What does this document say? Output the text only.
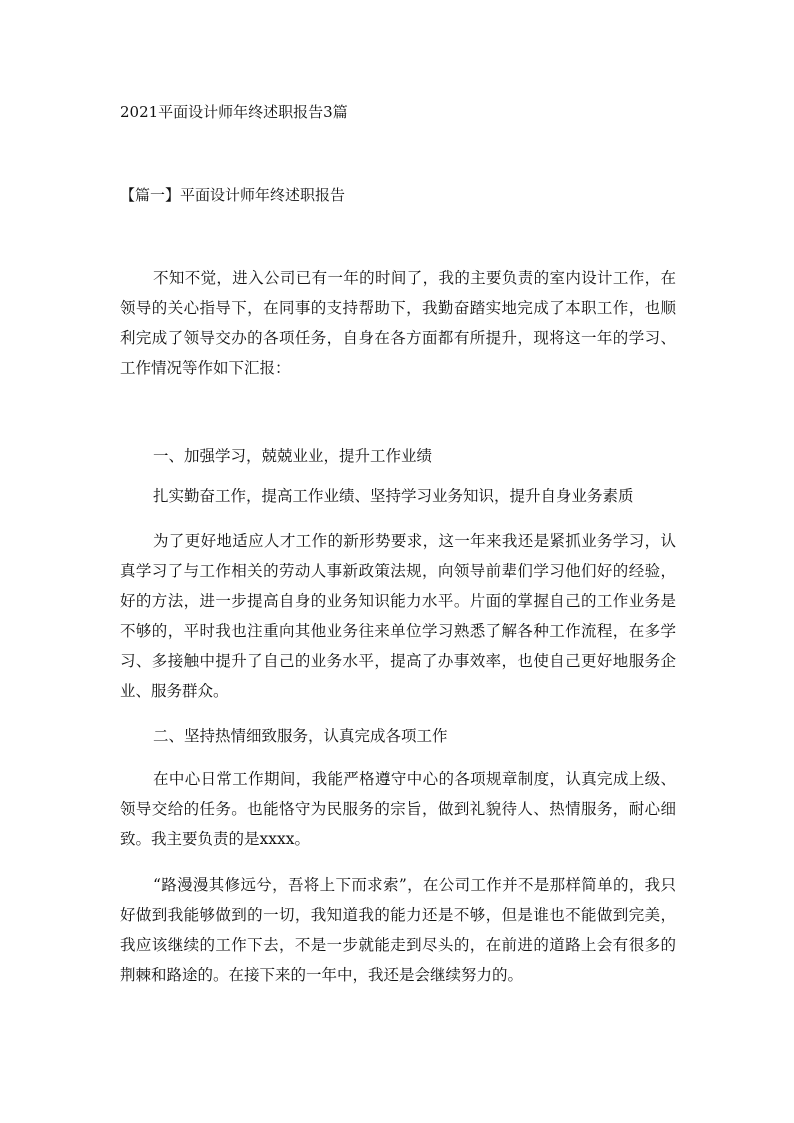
2021平面设计师年终述职报告3篇
【篇一】平面设计师年终述职报告

不知不觉，进入公司已有一年的时间了，我的主要负责的室内设计工作，在领导的关心指导下，在同事的支持帮助下，我勤奋踏实地完成了本职工作，也顺利完成了领导交办的各项任务，自身在各方面都有所提升，现将这一年的学习、工作情况等作如下汇报：

一、加强学习，兢兢业业，提升工作业绩

扎实勤奋工作，提高工作业绩、坚持学习业务知识，提升自身业务素质

为了更好地适应人才工作的新形势要求，这一年来我还是紧抓业务学习，认真学习了与工作相关的劳动人事新政策法规，向领导前辈们学习他们好的经验，好的方法，进一步提高自身的业务知识能力水平。片面的掌握自己的工作业务是不够的，平时我也注重向其他业务往来单位学习熟悉了解各种工作流程，在多学习、多接触中提升了自己的业务水平，提高了办事效率，也使自己更好地服务企业、服务群众。

二、坚持热情细致服务，认真完成各项工作

在中心日常工作期间，我能严格遵守中心的各项规章制度，认真完成上级、领导交给的任务。也能恪守为民服务的宗旨，做到礼貌待人、热情服务，耐心细致。我主要负责的是xxxx。

“路漫漫其修远兮，吾将上下而求索”，在公司工作并不是那样简单的，我只好做到我能够做到的一切，我知道我的能力还是不够，但是谁也不能做到完美，我应该继续的工作下去，不是一步就能走到尽头的，在前进的道路上会有很多的荆棘和路途的。在接下来的一年中，我还是会继续努力的。
